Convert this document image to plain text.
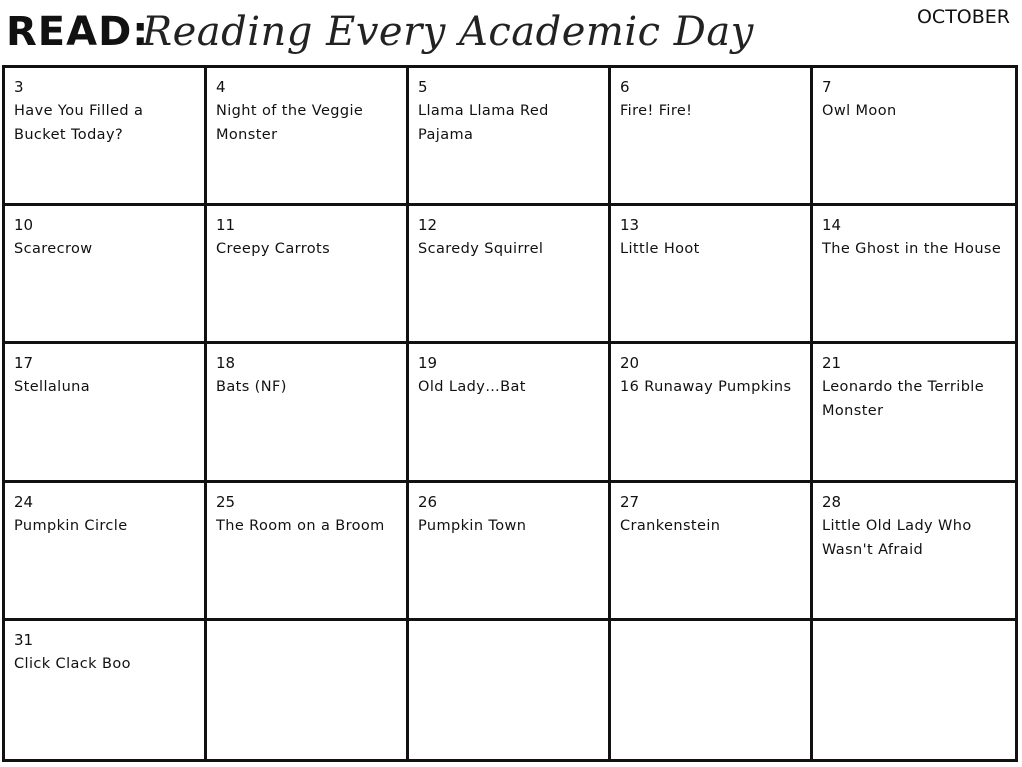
READ:
Reading Every Academic Day	OCTOBER
3
Have You Filled a Bucket Today?
4
Night of the Veggie Monster
5
Llama Llama Red Pajama
6
Fire! Fire!
7
Owl Moon
10
Scarecrow
11
Creepy Carrots
12
Scaredy Squirrel
13
Little Hoot
14
The Ghost in the House
17
Stellaluna
18
Bats (NF)
19
Old Lady…Bat
20
16 Runaway Pumpkins
21
Leonardo the Terrible Monster
24
Pumpkin Circle
25
The Room on a Broom
26
Pumpkin Town
27
Crankenstein
28
Little Old Lady Who Wasn't Afraid
31
Click Clack Boo
